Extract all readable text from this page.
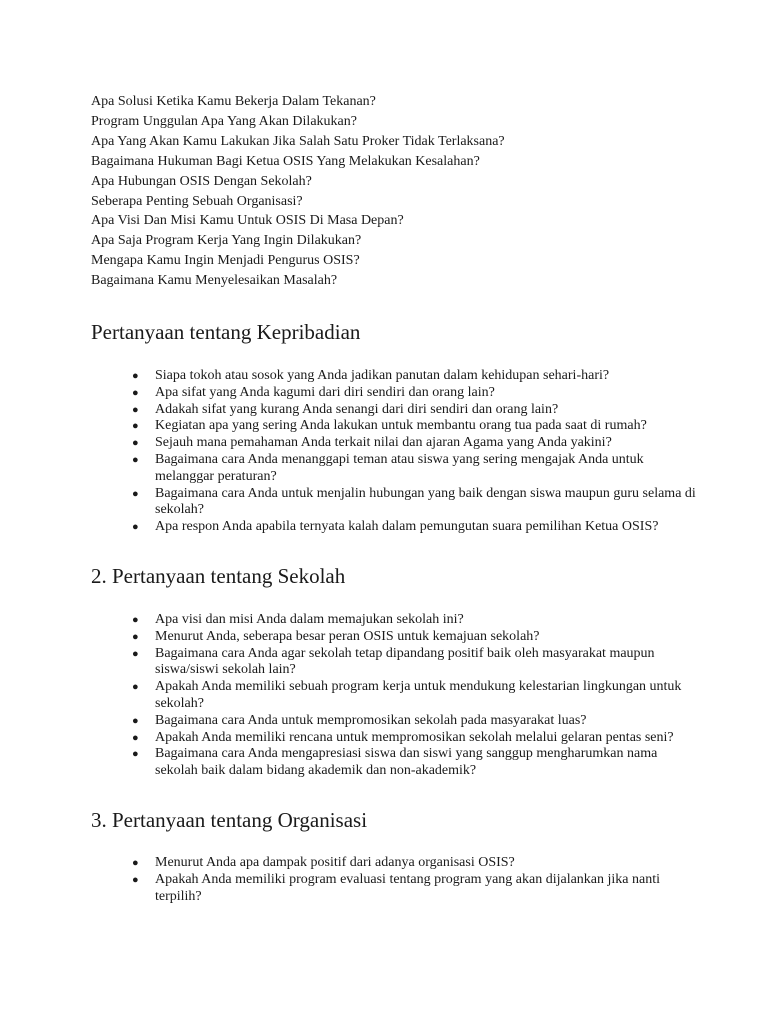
Apa Solusi Ketika Kamu Bekerja Dalam Tekanan?
Program Unggulan Apa Yang Akan Dilakukan?
Apa Yang Akan Kamu Lakukan Jika Salah Satu Proker Tidak Terlaksana?
Bagaimana Hukuman Bagi Ketua OSIS Yang Melakukan Kesalahan?
Apa Hubungan OSIS Dengan Sekolah?
Seberapa Penting Sebuah Organisasi?
Apa Visi Dan Misi Kamu Untuk OSIS Di Masa Depan?
Apa Saja Program Kerja Yang Ingin Dilakukan?
Mengapa Kamu Ingin Menjadi Pengurus OSIS?
Bagaimana Kamu Menyelesaikan Masalah?
Pertanyaan tentang Kepribadian
● Siapa tokoh atau sosok yang Anda jadikan panutan dalam kehidupan sehari-hari?
● Apa sifat yang Anda kagumi dari diri sendiri dan orang lain?
● Adakah sifat yang kurang Anda senangi dari diri sendiri dan orang lain?
● Kegiatan apa yang sering Anda lakukan untuk membantu orang tua pada saat di rumah?
● Sejauh mana pemahaman Anda terkait nilai dan ajaran Agama yang Anda yakini?
● Bagaimana cara Anda menanggapi teman atau siswa yang sering mengajak Anda untuk melanggar peraturan?
● Bagaimana cara Anda untuk menjalin hubungan yang baik dengan siswa maupun guru selama di sekolah?
● Apa respon Anda apabila ternyata kalah dalam pemungutan suara pemilihan Ketua OSIS?
2. Pertanyaan tentang Sekolah
● Apa visi dan misi Anda dalam memajukan sekolah ini?
● Menurut Anda, seberapa besar peran OSIS untuk kemajuan sekolah?
● Bagaimana cara Anda agar sekolah tetap dipandang positif baik oleh masyarakat maupun siswa/siswi sekolah lain?
● Apakah Anda memiliki sebuah program kerja untuk mendukung kelestarian lingkungan untuk sekolah?
● Bagaimana cara Anda untuk mempromosikan sekolah pada masyarakat luas?
● Apakah Anda memiliki rencana untuk mempromosikan sekolah melalui gelaran pentas seni?
● Bagaimana cara Anda mengapresiasi siswa dan siswi yang sanggup mengharumkan nama sekolah baik dalam bidang akademik dan non-akademik?
3. Pertanyaan tentang Organisasi
● Menurut Anda apa dampak positif dari adanya organisasi OSIS?
● Apakah Anda memiliki program evaluasi tentang program yang akan dijalankan jika nanti terpilih?
